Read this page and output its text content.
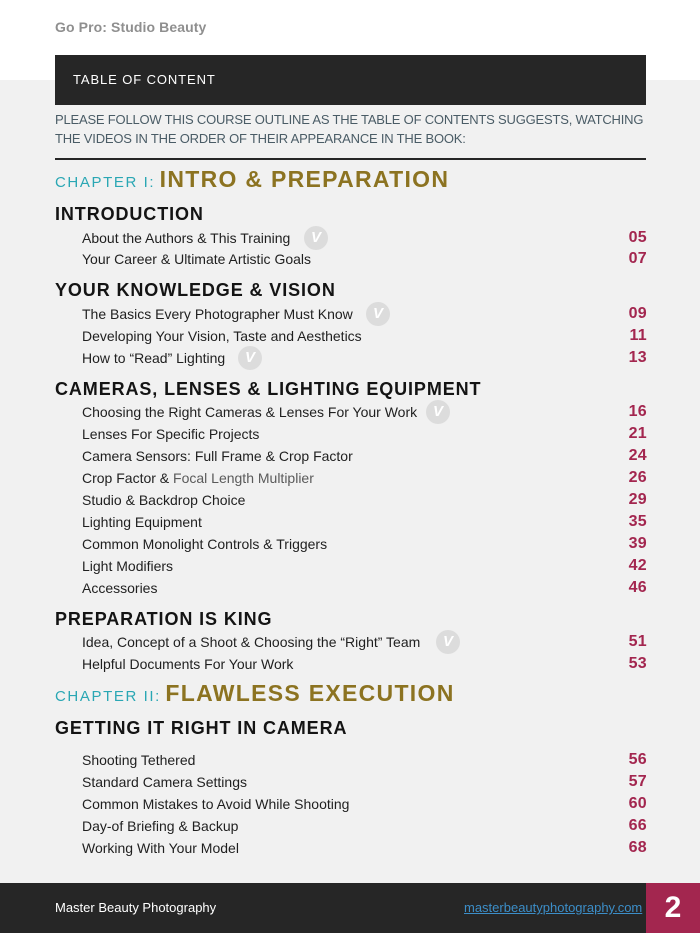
Go Pro: Studio Beauty
TABLE OF CONTENT
PLEASE FOLLOW THIS COURSE OUTLINE AS THE TABLE OF CONTENTS SUGGESTS, WATCHING THE VIDEOS IN THE ORDER OF THEIR APPEARANCE IN THE BOOK:
CHAPTER I: INTRO & PREPARATION
INTRODUCTION
About the Authors & This Training	V	05
Your Career & Ultimate Artistic Goals	07
YOUR KNOWLEDGE & VISION
The Basics Every Photographer Must Know	V	09
Developing Your Vision, Taste and Aesthetics	11
How to “Read” Lighting	V	13
CAMERAS, LENSES & LIGHTING EQUIPMENT
Choosing the Right Cameras & Lenses For Your Work	V	16
Lenses For Specific Projects	21
Camera Sensors: Full Frame & Crop Factor	24
Crop Factor & Focal Length Multiplier	26
Studio & Backdrop Choice	29
Lighting Equipment	35
Common Monolight Controls & Triggers	39
Light Modifiers	42
Accessories	46
PREPARATION IS KING
Idea, Concept of a Shoot & Choosing the “Right” Team	V	51
Helpful Documents For Your Work	53
CHAPTER II: FLAWLESS EXECUTION
GETTING IT RIGHT IN CAMERA
Shooting Tethered	56
Standard Camera Settings	57
Common Mistakes to Avoid While Shooting	60
Day-of Briefing & Backup	66
Working With Your Model	68
Master Beauty Photography	masterbeautyphotography.com 2
